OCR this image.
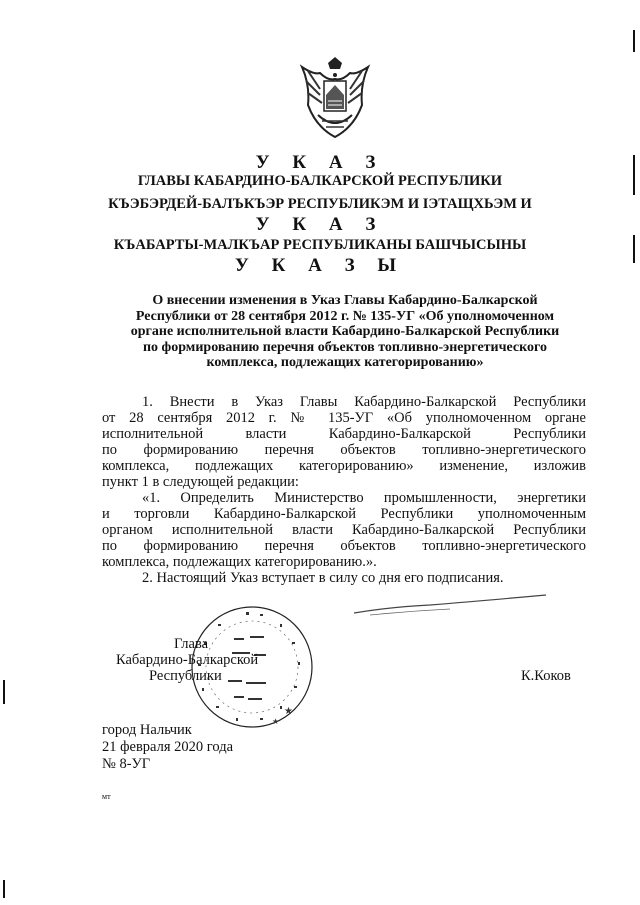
У К А З
ГЛАВЫ КАБАРДИНО-БАЛКАРСКОЙ РЕСПУБЛИКИ
КЪЭБЭРДЕЙ-БАЛЪКЪЭР РЕСПУБЛИКЭМ И ІЭТАЩХЬЭМ И
У К А З
КЪАБАРТЫ-МАЛКЪАР РЕСПУБЛИКАНЫ БАШЧЫСЫНЫ
У К А З Ы
О внесении изменения в Указ Главы Кабардино-Балкарской
Республики от 28 сентября 2012 г. № 135-УГ «Об уполномоченном
органе исполнительной власти Кабардино-Балкарской Республики
по формированию перечня объектов топливно-энергетического
комплекса, подлежащих категорированию»
1. Внести в Указ Главы Кабардино-Балкарской Республики
от 28 сентября 2012 г. № 135-УГ «Об уполномоченном органе
исполнительной власти Кабардино-Балкарской Республики
по формированию перечня объектов топливно-энергетического
комплекса, подлежащих категорированию» изменение, изложив
пункт 1 в следующей редакции:
«1. Определить Министерство промышленности, энергетики
и торговли Кабардино-Балкарской Республики уполномоченным
органом исполнительной власти Кабардино-Балкарской Республики
по формированию перечня объектов топливно-энергетического
комплекса, подлежащих категорированию.».
2. Настоящий Указ вступает в силу со дня его подписания.
★
★
Глава
Кабардино-Балкарской
Республики	К.Коков
город Нальчик
21 февраля 2020 года
№ 8-УГ
мт
